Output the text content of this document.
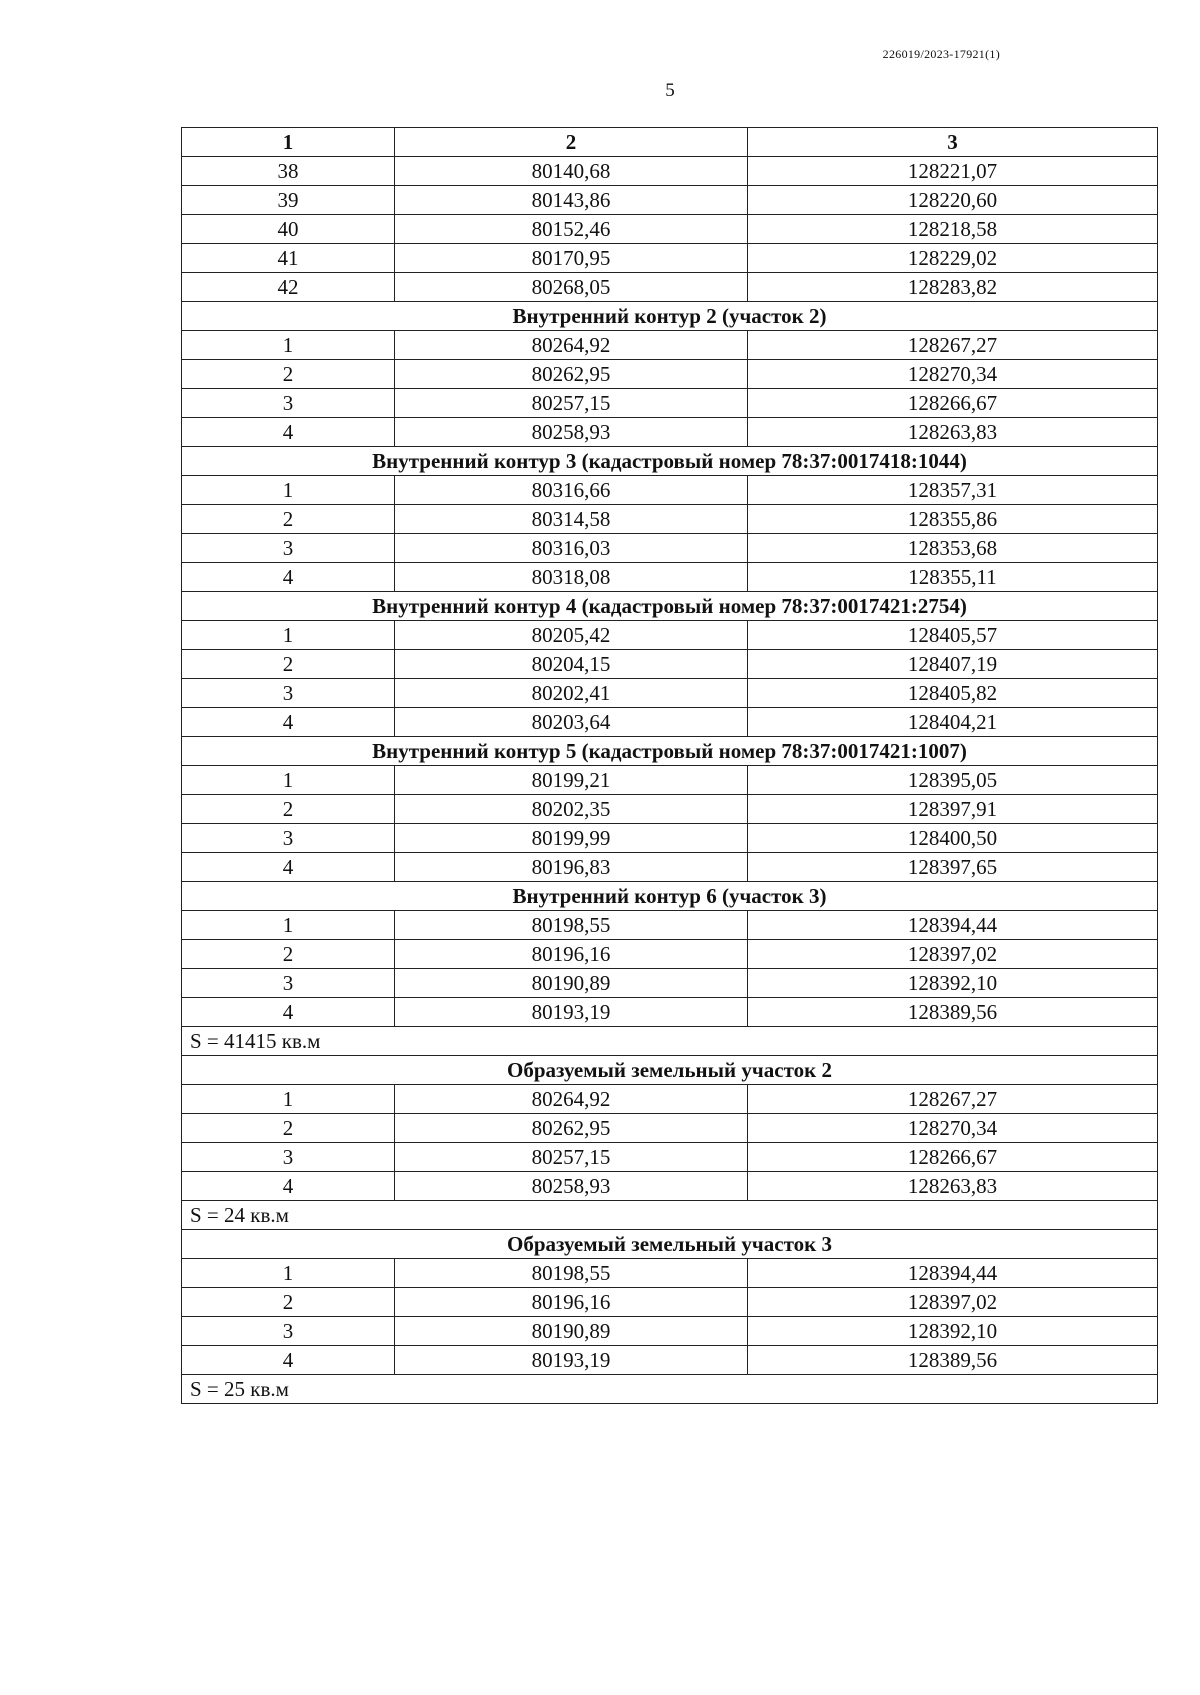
226019/2023-17921(1)
5
1	2	3
38	80140,68	128221,07
39	80143,86	128220,60
40	80152,46	128218,58
41	80170,95	128229,02
42	80268,05	128283,82
Внутренний контур 2 (участок 2)		
1	80264,92	128267,27
2	80262,95	128270,34
3	80257,15	128266,67
4	80258,93	128263,83
Внутренний контур 3 (кадастровый номер 78:37:0017418:1044)		
1	80316,66	128357,31
2	80314,58	128355,86
3	80316,03	128353,68
4	80318,08	128355,11
Внутренний контур 4 (кадастровый номер 78:37:0017421:2754)		
1	80205,42	128405,57
2	80204,15	128407,19
3	80202,41	128405,82
4	80203,64	128404,21
Внутренний контур 5 (кадастровый номер 78:37:0017421:1007)		
1	80199,21	128395,05
2	80202,35	128397,91
3	80199,99	128400,50
4	80196,83	128397,65
Внутренний контур 6 (участок 3)		
1	80198,55	128394,44
2	80196,16	128397,02
3	80190,89	128392,10
4	80193,19	128389,56
S = 41415 кв.м		
Образуемый земельный участок 2		
1	80264,92	128267,27
2	80262,95	128270,34
3	80257,15	128266,67
4	80258,93	128263,83
S = 24 кв.м		
Образуемый земельный участок 3		
1	80198,55	128394,44
2	80196,16	128397,02
3	80190,89	128392,10
4	80193,19	128389,56
S = 25 кв.м		
